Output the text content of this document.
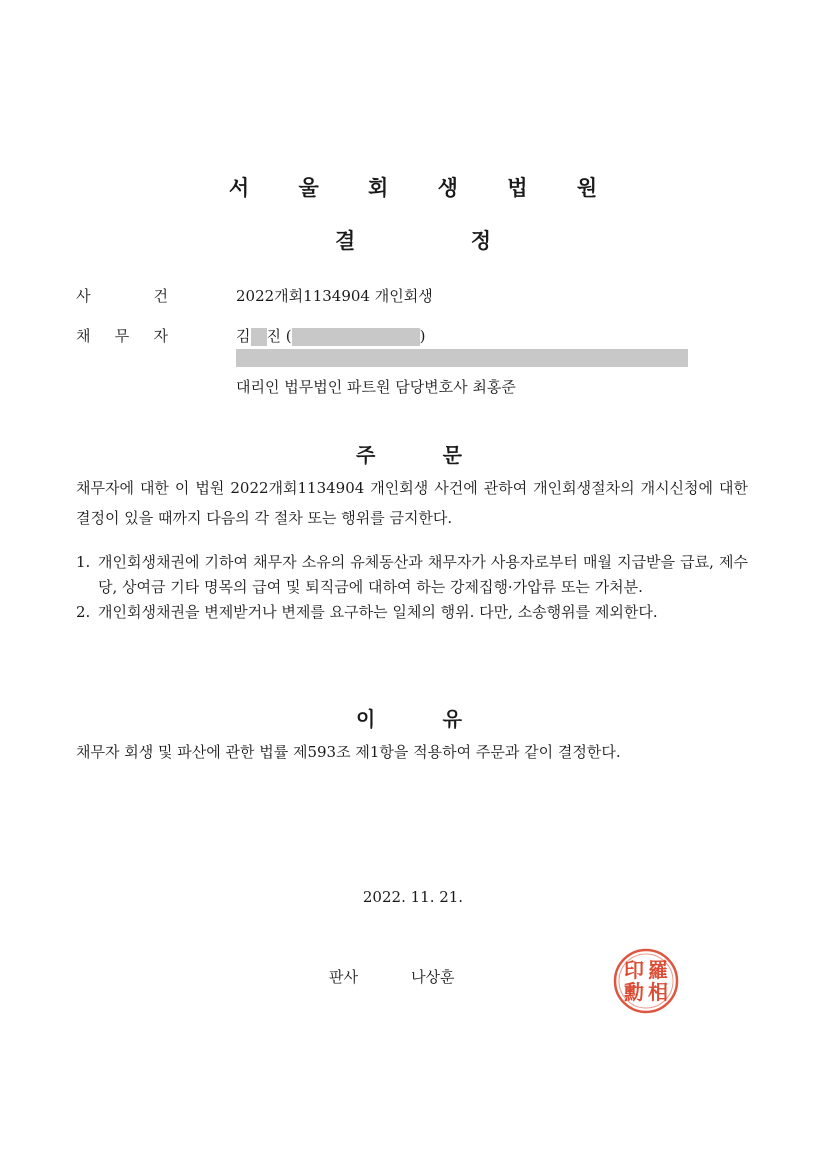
서 울 회 생 법 원
결	정
사	건	2022개회1134904 개인회생
채 무 자	김 진 (	)
대리인 법무법인 파트원 담당변호사 최홍준
주	문
채무자에 대한 이 법원 2022개회1134904 개인회생 사건에 관하여 개인회생절차의 개시신청에 대한 결정이 있을 때까지 다음의 각 절차 또는 행위를 금지한다.
1. 개인회생채권에 기하여 채무자 소유의 유체동산과 채무자가 사용자로부터 매월 지급받을 급료, 제수당, 상여금 기타 명목의 급여 및 퇴직금에 대하여 하는 강제집행·가압류 또는 가처분.
2. 개인회생채권을 변제받거나 변제를 요구하는 일체의 행위. 다만, 소송행위를 제외한다.
이	유
채무자 회생 및 파산에 관한 법률 제593조 제1항을 적용하여 주문과 같이 결정한다.
2022. 11. 21.
판사	나상훈	羅
相
印
勳
